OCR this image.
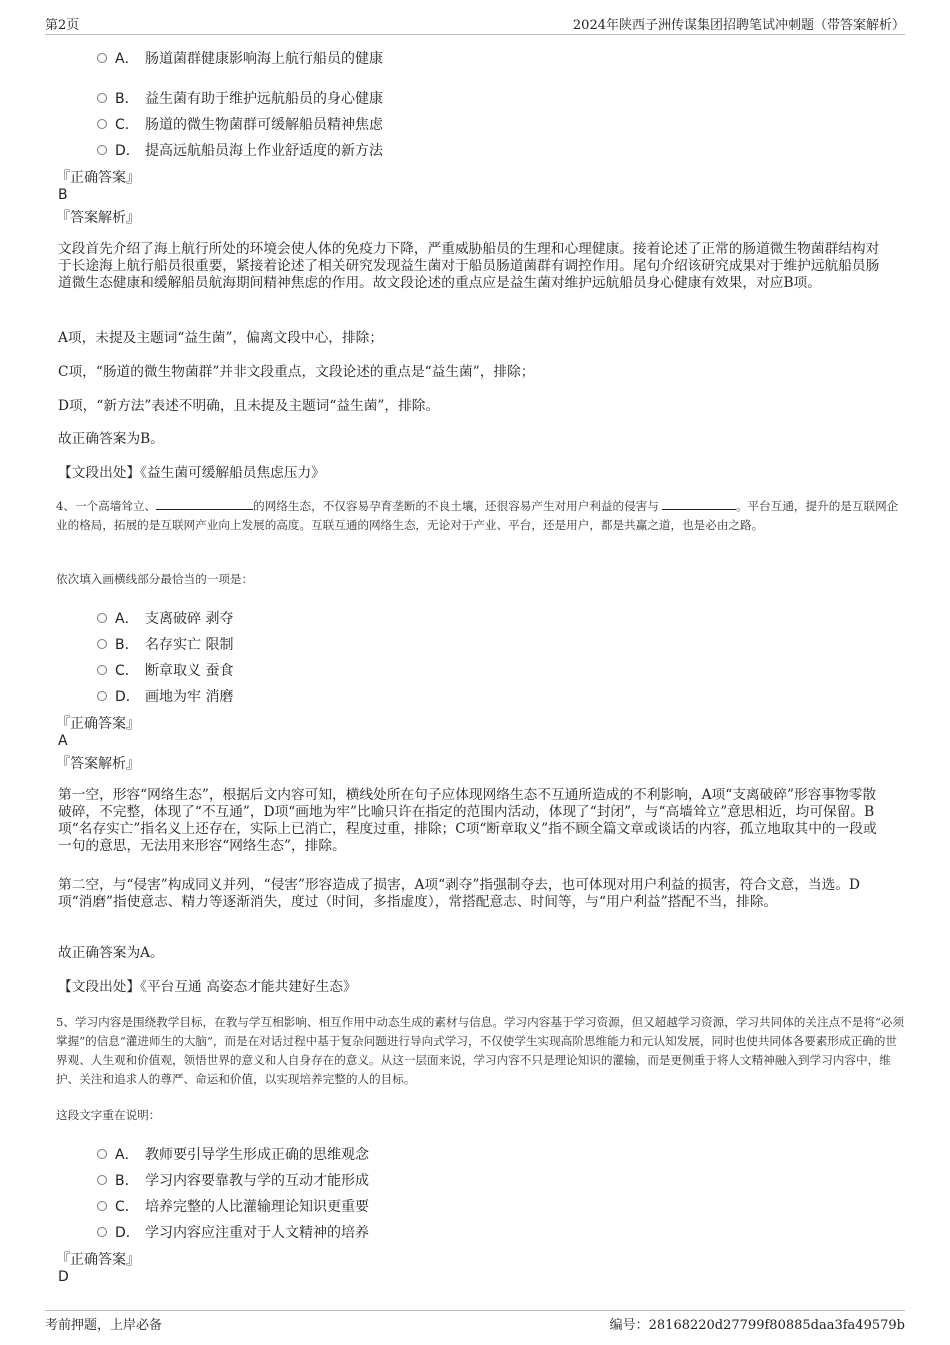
第2页	2024年陕西子洲传谋集团招聘笔试冲刺题（带答案解析）
A． 肠道菌群健康影响海上航行船员的健康
B． 益生菌有助于维护远航船员的身心健康
C． 肠道的微生物菌群可缓解船员精神焦虑
D． 提高远航船员海上作业舒适度的新方法
『正确答案』
B
『答案解析』
文段首先介绍了海上航行所处的环境会使人体的免疫力下降，严重威胁船员的生理和心理健康。接着论述了正常的肠道微生物菌群结构对于长途海上航行船员很重要，紧接着论述了相关研究发现益生菌对于船员肠道菌群有调控作用。尾句介绍该研究成果对于维护远航船员肠道微生态健康和缓解船员航海期间精神焦虑的作用。故文段论述的重点应是益生菌对维护远航船员身心健康有效果，对应B项。
A项，未提及主题词“益生菌”，偏离文段中心，排除；
C项，“肠道的微生物菌群”并非文段重点，文段论述的重点是“益生菌”，排除；
D项，“新方法”表述不明确，且未提及主题词“益生菌”，排除。
故正确答案为B。
【文段出处】《益生菌可缓解船员焦虑压力》
4、一个高墙耸立、	的网络生态，不仅容易孕育垄断的不良土壤，还很容易产生对用户利益的侵害与	。平台互通，提升的是互联网企业的格局，拓展的是互联网产业向上发展的高度。互联互通的网络生态，无论对于产业、平台，还是用户，都是共赢之道，也是必由之路。
依次填入画横线部分最恰当的一项是：
A． 支离破碎 剥夺
B． 名存实亡 限制
C． 断章取义 蚕食
D． 画地为牢 消磨
『正确答案』
A
『答案解析』
第一空，形容“网络生态”，根据后文内容可知，横线处所在句子应体现网络生态不互通所造成的不利影响，A项“支离破碎”形容事物零散破碎，不完整，体现了“不互通”，D项“画地为牢”比喻只许在指定的范围内活动，体现了“封闭”，与“高墙耸立”意思相近，均可保留。B项“名存实亡”指名义上还存在，实际上已消亡，程度过重，排除；C项“断章取义”指不顾全篇文章或谈话的内容，孤立地取其中的一段或一句的意思，无法用来形容“网络生态”，排除。
第二空，与“侵害”构成同义并列，“侵害”形容造成了损害，A项“剥夺”指强制夺去，也可体现对用户利益的损害，符合文意，当选。D项“消磨”指使意志、精力等逐渐消失，度过（时间，多指虚度），常搭配意志、时间等，与“用户利益”搭配不当，排除。
故正确答案为A。
【文段出处】《平台互通 高姿态才能共建好生态》
5、学习内容是围绕教学目标，在教与学互相影响、相互作用中动态生成的素材与信息。学习内容基于学习资源，但又超越学习资源，学习共同体的关注点不是将“必须掌握”的信息“灌进师生的大脑”，而是在对话过程中基于复杂问题进行导向式学习，不仅使学生实现高阶思维能力和元认知发展，同时也使共同体各要素形成正确的世界观、人生观和价值观，领悟世界的意义和人自身存在的意义。从这一层面来说，学习内容不只是理论知识的灌输，而是更侧重于将人文精神融入到学习内容中，维护、关注和追求人的尊严、命运和价值，以实现培养完整的人的目标。
这段文字重在说明：
A． 教师要引导学生形成正确的思维观念
B． 学习内容要靠教与学的互动才能形成
C． 培养完整的人比灌输理论知识更重要
D． 学习内容应注重对于人文精神的培养
『正确答案』
D
考前押题，上岸必备	编号：28168220d27799f80885daa3fa49579b
